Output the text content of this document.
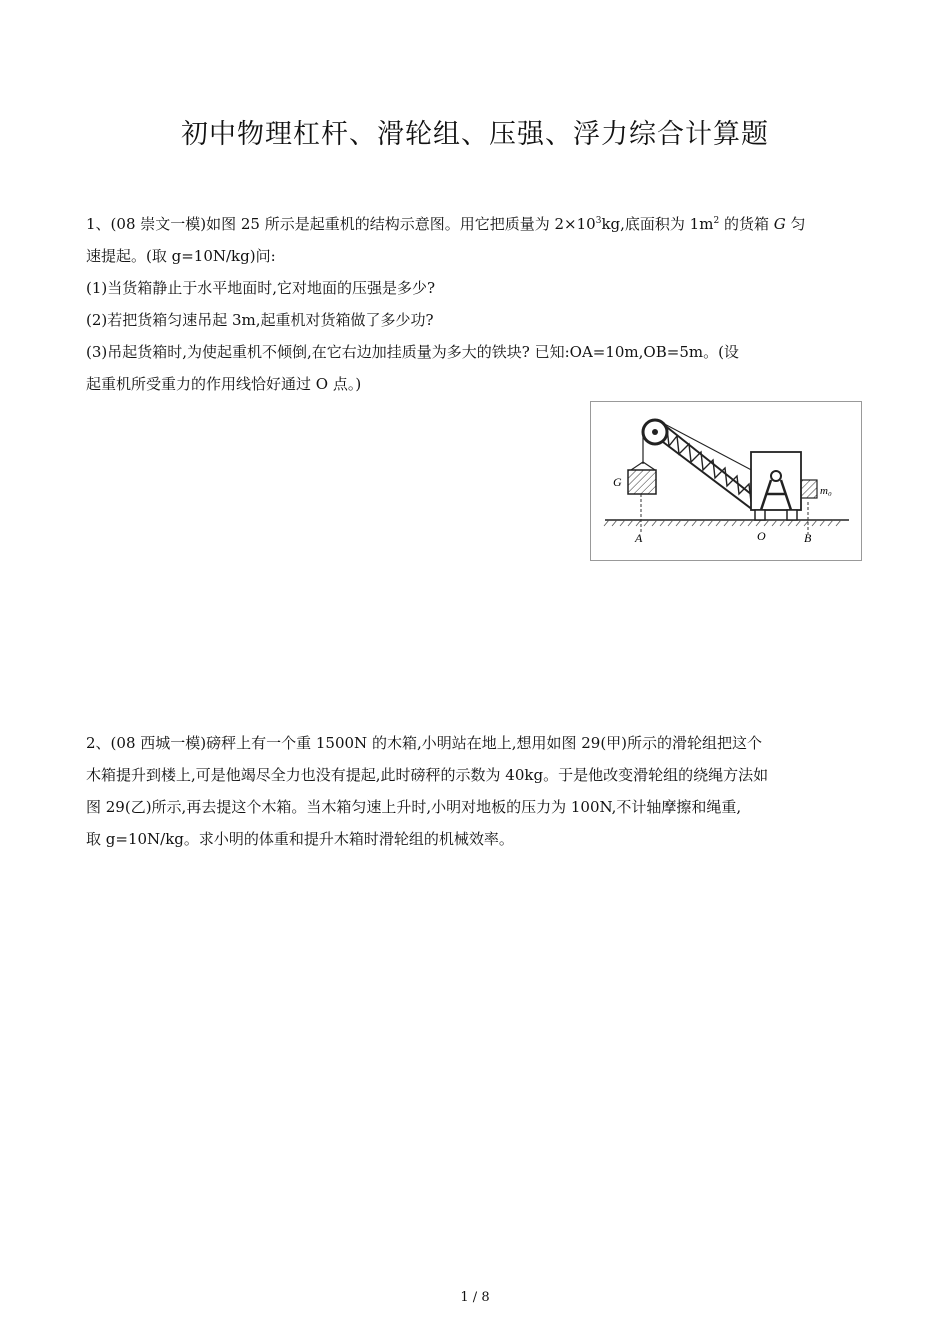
初中物理杠杆、滑轮组、压强、浮力综合计算题
1、(08 崇文一模)如图 25 所示是起重机的结构示意图。用它把质量为 $2\times 10^3kg$,底面积为 $1m^2$ 的货箱 G 匀
速提起。(取 g=10N/kg)问:
(1)当货箱静止于水平地面时,它对地面的压强是多少?
(2)若把货箱匀速吊起 3m,起重机对货箱做了多少功?
(3)吊起货箱时,为使起重机不倾倒,在它右边加挂质量为多大的铁块? 已知:OA=10m,OB=5m。(设
起重机所受重力的作用线恰好通过 O 点。)
G
m₀
A	O	B
2、(08 西城一模)磅秤上有一个重 1500N 的木箱,小明站在地上,想用如图 29(甲)所示的滑轮组把这个
木箱提升到楼上,可是他竭尽全力也没有提起,此时磅秤的示数为 40kg。于是他改变滑轮组的绕绳方法如
图 29(乙)所示,再去提这个木箱。当木箱匀速上升时,小明对地板的压力为 100N,不计轴摩擦和绳重,
取 g=10N/kg。求小明的体重和提升木箱时滑轮组的机械效率。
1 / 8
